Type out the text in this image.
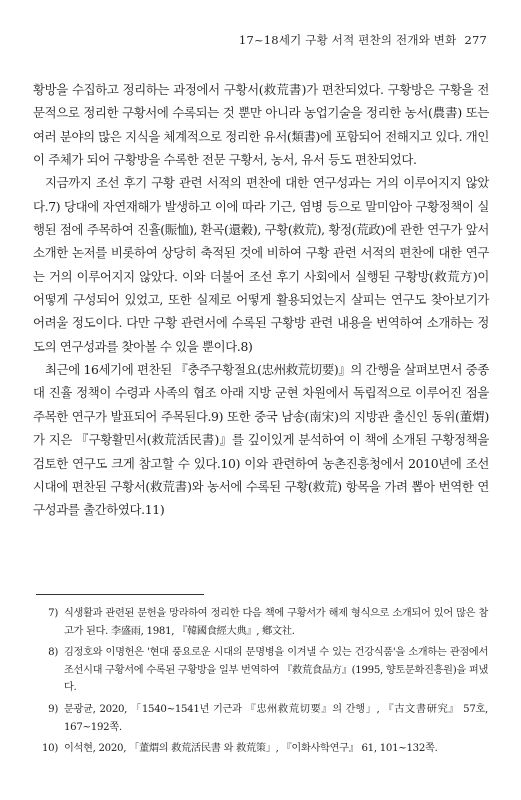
17~18세기 구황 서적 편찬의 전개와 변화 277

황방을 수집하고 정리하는 과정에서 구황서(救荒書)가 편찬되었다. 구황방은 구황을 전문적으로 정리한 구황서에 수록되는 것 뿐만 아니라 농업기술을 정리한 농서(農書) 또는 여러 분야의 많은 지식을 체계적으로 정리한 유서(類書)에 포함되어 전해지고 있다. 개인이 주체가 되어 구황방을 수록한 전문 구황서, 농서, 유서 등도 편찬되었다.

지금까지 조선 후기 구황 관련 서적의 편찬에 대한 연구성과는 거의 이루어지지 않았다.7) 당대에 자연재해가 발생하고 이에 따라 기근, 염병 등으로 말미암아 구황정책이 실행된 점에 주목하여 진휼(賑恤), 환곡(還穀), 구황(救荒), 황정(荒政)에 관한 연구가 앞서 소개한 논저를 비롯하여 상당히 축적된 것에 비하여 구황 관련 서적의 편찬에 대한 연구는 거의 이루어지지 않았다. 이와 더불어 조선 후기 사회에서 실행된 구황방(救荒方)이 어떻게 구성되어 있었고, 또한 실제로 어떻게 활용되었는지 살피는 연구도 찾아보기가 어려울 정도이다. 다만 구황 관련서에 수록된 구황방 관련 내용을 번역하여 소개하는 정도의 연구성과를 찾아볼 수 있을 뿐이다.8)

최근에 16세기에 편찬된 『충주구황절요(忠州救荒切要)』의 간행을 살펴보면서 중종대 진휼 정책이 수령과 사족의 협조 아래 지방 군현 차원에서 독립적으로 이루어진 점을 주목한 연구가 발표되어 주목된다.9) 또한 중국 남송(南宋)의 지방관 출신인 동위(董煟)가 지은 『구황활민서(救荒活民書)』를 깊이있게 분석하여 이 책에 소개된 구황정책을 검토한 연구도 크게 참고할 수 있다.10) 이와 관련하여 농촌진흥청에서 2010년에 조선시대에 편찬된 구황서(救荒書)와 농서에 수록된 구황(救荒) 항목을 가려 뽑아 번역한 연구성과를 출간하였다.11)

7) 식생활과 관련된 문헌을 망라하여 정리한 다음 책에 구황서가 해제 형식으로 소개되어 있어 많은 참고가 된다. 李盛雨, 1981, 『韓國食經大典』, 鄕文社.
8) 김정호와 이명헌은 '현대 풍요로운 시대의 문명병을 이겨낼 수 있는 건강식품'을 소개하는 관점에서 조선시대 구황서에 수록된 구황방을 일부 번역하여 『救荒食品方』(1995, 향토문화진흥원)을 펴냈다.
9) 문광균, 2020, 「1540~1541년 기근과 『忠州救荒切要』의 간행」, 『古文書研究』 57호, 167~192쪽.
10) 이석현, 2020, 「董煟의 救荒活民書 와 救荒策」, 『이화사학연구』 61, 101~132쪽.
